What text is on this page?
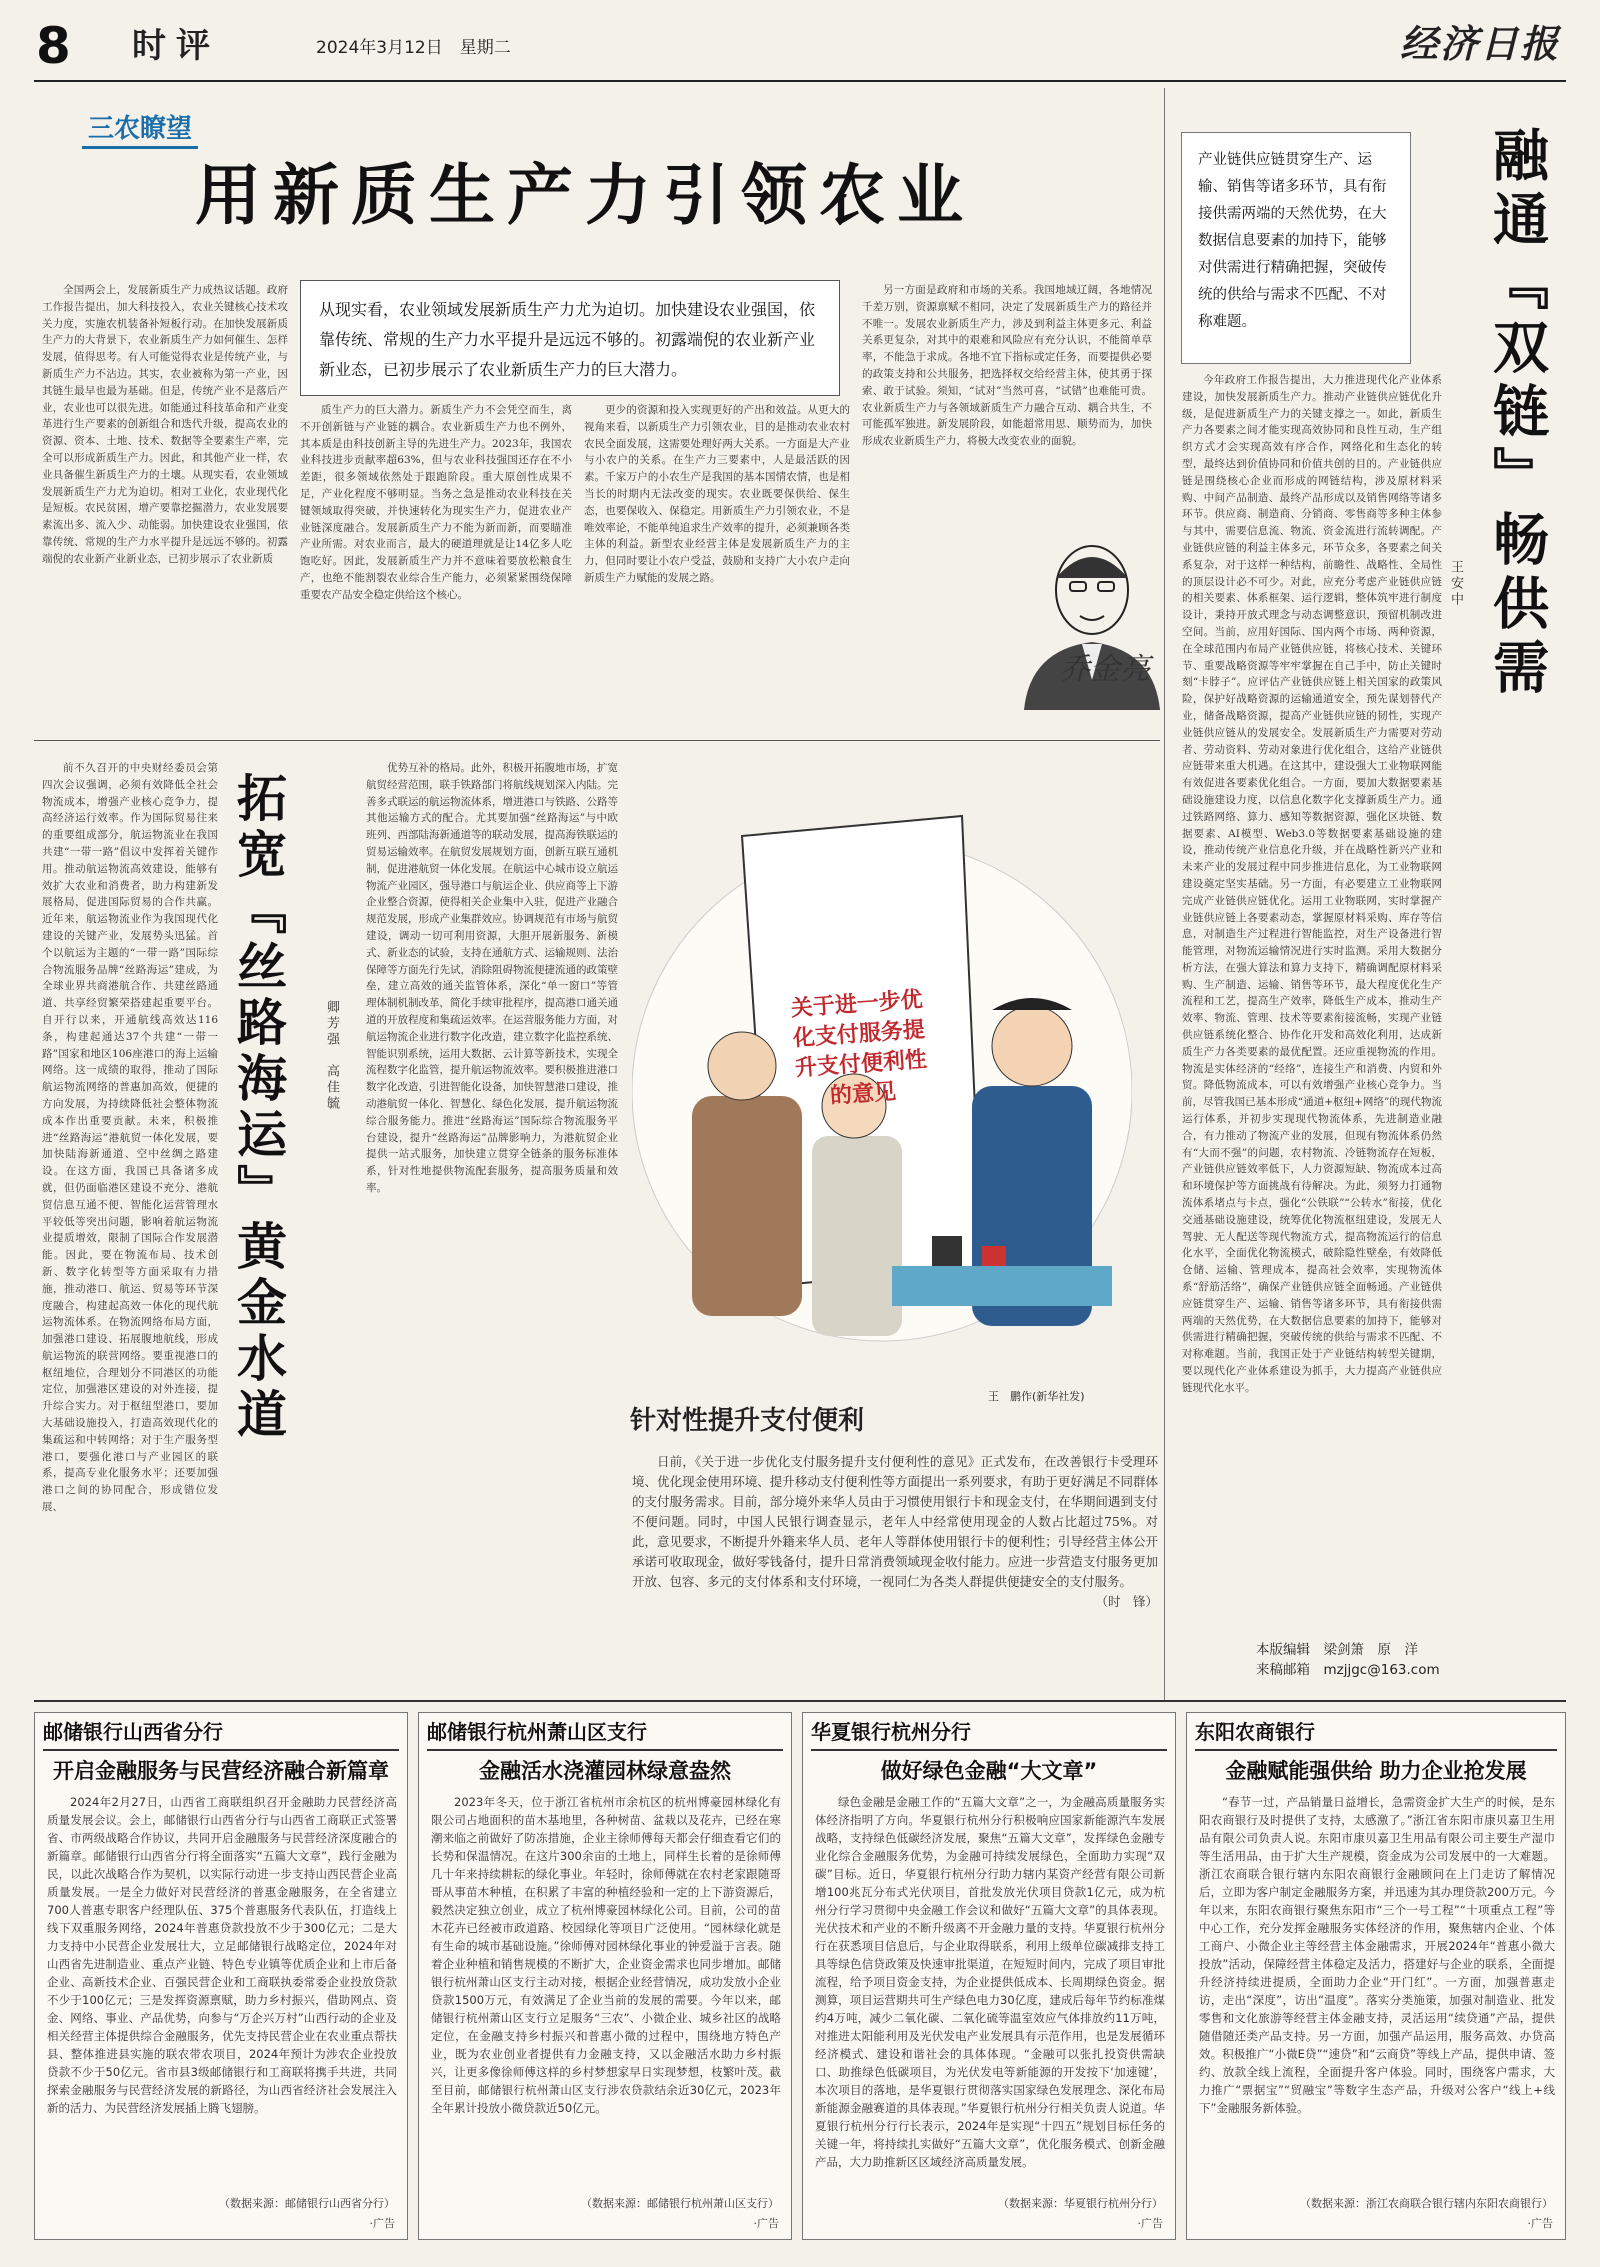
8 时评	2024年3月12日　星期二	经济日报
三农瞭望
用新质生产力引领农业
从现实看，农业领域发展新质生产力尤为迫切。加快建设农业强国，依靠传统、常规的生产力水平提升是远远不够的。初露端倪的农业新产业新业态，已初步展示了农业新质生产力的巨大潜力。

全国两会上，发展新质生产力成热议话题。政府工作报告提出，加大科技投入，农业关键核心技术攻关力度，实施农机装备补短板行动。在加快发展新质生产力的大背景下，农业新质生产力如何催生、怎样发展，值得思考。有人可能觉得农业是传统产业，与新质生产力不沾边。其实，农业被称为第一产业，因其链生最早也最为基础。但是，传统产业不是落后产业，农业也可以很先进。如能通过科技革命和产业变革进行生产要素的创新组合和迭代升级，提高农业的资源、资本、土地、技术、数据等全要素生产率，完全可以形成新质生产力。因此，和其他产业一样，农业具备催生新质生产力的土壤。从现实看，农业领域发展新质生产力尤为迫切。相对工业化，农业现代化是短板。农民贫困，增产要靠挖掘潜力，农业发展要素流出多、流入少、动能弱。加快建设农业强国，依靠传统、常规的生产力水平提升是远远不够的。初露端倪的农业新产业新业态，已初步展示了农业新质

质生产力的巨大潜力。新质生产力不会凭空而生，离不开创新链与产业链的耦合。农业新质生产力也不例外，其本质是由科技创新主导的先进生产力。2023年，我国农业科技进步贡献率超63%，但与农业科技强国还存在不小差距，很多领域依然处于跟跑阶段。重大原创性成果不足，产业化程度不够明显。当务之急是推动农业科技在关键领域取得突破，并快速转化为现实生产力，促进农业产业链深度融合。发展新质生产力不能为新而新，而要瞄准产业所需。对农业而言，最大的硬道理就是让14亿多人吃饱吃好。因此，发展新质生产力并不意味着要放松粮食生产，也绝不能割裂农业综合生产能力，必须紧紧围绕保障重要农产品安全稳定供给这个核心。

更少的资源和投入实现更好的产出和效益。从更大的视角来看，以新质生产力引领农业，目的是推动农业农村农民全面发展，这需要处理好两大关系。一方面是大产业与小农户的关系。在生产力三要素中，人是最活跃的因素。千家万户的小农生产是我国的基本国情农情，也是相当长的时期内无法改变的现实。农业既要保供给、保生态，也要保收入、保稳定。用新质生产力引领农业，不是唯效率论，不能单纯追求生产效率的提升，必须兼顾各类主体的利益。新型农业经营主体是发展新质生产力的主力，但同时要让小农户受益，鼓励和支持广大小农户走向新质生产力赋能的发展之路。

另一方面是政府和市场的关系。我国地域辽阔，各地情况千差万别，资源禀赋不相同，决定了发展新质生产力的路径并不唯一。发展农业新质生产力，涉及到利益主体更多元、利益关系更复杂，对其中的艰难和风险应有充分认识，不能简单草率，不能急于求成。各地不宜下指标或定任务，而要提供必要的政策支持和公共服务，把选择权交给经营主体，使其勇于探索、敢于试验。须知，“试对”当然可喜，“试错”也难能可贵。农业新质生产力与各领域新质生产力融合互动、耦合共生，不可能孤军独进。新发展阶段，如能超常用思、顺势而为，加快形成农业新质生产力，将极大改变农业的面貌。

乔金亮
产业链供应链贯穿生产、运输、销售等诸多环节，具有衔接供需两端的天然优势，在大数据信息要素的加持下，能够对供需进行精确把握，突破传统的供给与需求不匹配、不对称难题。	融通『双链』畅供需
王安中

今年政府工作报告提出，大力推进现代化产业体系建设，加快发展新质生产力。推动产业链供应链优化升级，是促进新质生产力的关键支撑之一。如此，新质生产力各要素之间才能实现高效协同和良性互动，生产组织方式才会实现高效有序合作，网络化和生态化的转型，最终达到价值协同和价值共创的目的。产业链供应链是围绕核心企业而形成的网链结构，涉及原材料采购、中间产品制造、最终产品形成以及销售网络等诸多环节。供应商、制造商、分销商、零售商等多种主体参与其中，需要信息流、物流、资金流进行流转调配。产业链供应链的利益主体多元，环节众多，各要素之间关系复杂，对于这样一种结构，前瞻性、战略性、全局性的顶层设计必不可少。对此，应充分考虑产业链供应链的相关要素、体系框架、运行逻辑，整体筑牢进行制度设计，秉持开放式理念与动态调整意识，预留机制改进空间。当前，应用好国际、国内两个市场、两种资源，在全球范围内布局产业链供应链，将核心技术、关键环节、重要战略资源等牢牢掌握在自己手中，防止关键时刻“卡脖子”。应评估产业链供应链上相关国家的政策风险，保护好战略资源的运输通道安全，预先谋划替代产业，储备战略资源，提高产业链供应链的韧性，实现产业链供应链从的发展安全。发展新质生产力需要对劳动者、劳动资料、劳动对象进行优化组合，这给产业链供应链带来重大机遇。在这其中，建设强大工业物联网能有效促进各要素优化组合。一方面，要加大数据要素基础设施建设力度，以信息化数字化支撑新质生产力。通过铁路网络、算力、感知等数据资源，强化区块链、数据要素、AI模型、Web3.0等数据要素基础设施的建设，推动传统产业信息化升级，并在战略性新兴产业和未来产业的发展过程中同步推进信息化，为工业物联网建设奠定坚实基础。另一方面，有必要建立工业物联网完成产业链供应链优化。运用工业物联网，实时掌握产业链供应链上各要素动态，掌握原材料采购、库存等信息，对制造生产过程进行智能监控，对生产设备进行智能管理，对物流运输情况进行实时监测。采用大数据分析方法，在强大算法和算力支持下，精确调配原材料采购、生产制造、运输、销售等环节，最大程度优化生产流程和工艺，提高生产效率，降低生产成本，推动生产效率、物流、管理、技术等要素衔接流畅，实现产业链供应链系统化整合、协作化开发和高效化利用，达成新质生产力各类要素的最优配置。还应重视物流的作用。物流是实体经济的“经络”，连接生产和消费、内贸和外贸。降低物流成本，可以有效增强产业核心竞争力。当前，尽管我国已基本形成“通道+枢纽+网络”的现代物流运行体系，并初步实现现代物流体系，先进制造业融合，有力推动了物流产业的发展，但现有物流体系仍然有“大而不强”的问题，农村物流、冷链物流存在短板，产业链供应链效率低下，人力资源短缺、物流成本过高和环境保护等方面挑战有待解决。为此，须努力打通物流体系堵点与卡点，强化“公铁联”“公转水”衔接，优化交通基础设施建设，统筹优化物流枢纽建设，发展无人驾驶、无人配送等现代物流方式，提高物流运行的信息化水平，全面优化物流模式，破除隐性壁垒，有效降低仓储、运输、管理成本，提高社会效率，实现物流体系“舒筋活络”，确保产业链供应链全面畅通。产业链供应链贯穿生产、运输、销售等诸多环节，具有衔接供需两端的天然优势，在大数据信息要素的加持下，能够对供需进行精确把握，突破传统的供给与需求不匹配、不对称难题。当前，我国正处于产业链结构转型关键期，要以现代化产业体系建设为抓手，大力提高产业链供应链现代化水平。

本版编辑　梁剑箫　原　洋
来稿邮箱　mzjjgc@163.com

前不久召开的中央财经委员会第四次会议强调，必须有效降低全社会物流成本，增强产业核心竞争力，提高经济运行效率。作为国际贸易往来的重要组成部分，航运物流业在我国共建“一带一路”倡议中发挥着关键作用。推动航运物流高效建设，能够有效扩大农业和消费者，助力构建新发展格局，促进国际贸易的合作共赢。近年来，航运物流业作为我国现代化建设的关键产业，发展势头迅猛。首个以航运为主题的“一带一路”国际综合物流服务品牌“丝路海运”建成，为全球业界共商港航合作、共建丝路通道、共享经贸繁荣搭建起重要平台。自开行以来，开通航线高效达116条，构建起通达37个共建“一带一路”国家和地区106座港口的海上运输网络。这一成绩的取得，推动了国际航运物流网络的普惠加高效，便捷的方向发展，为持续降低社会整体物流成本作出重要贡献。未来，积极推进“丝路海运”港航贸一体化发展，要加快陆海新通道、空中丝绸之路建设。在这方面，我国已具备诸多成就，但仍面临港区建设不充分、港航贸信息互通不便、智能化运营管理水平较低等突出问题，影响着航运物流业提质增效，限制了国际合作发展潜能。因此，要在物流布局、技术创新、数字化转型等方面采取有力措施，推动港口、航运、贸易等环节深度融合，构建起高效一体化的现代航运物流体系。在物流网络布局方面，加强港口建设、拓展腹地航线，形成航运物流的联营网络。要重视港口的枢纽地位，合理划分不同港区的功能定位，加强港区建设的对外连接，提升综合实力。对于枢纽型港口，要加大基础设施投入，打造高效现代化的集疏运和中转网络；对于生产服务型港口，要强化港口与产业园区的联系，提高专业化服务水平；还要加强港口之间的协同配合，形成错位发展、

拓宽『丝路海运』黄金水道	卿芳强　高佳毓

优势互补的格局。此外，积极开拓腹地市场，扩宽航贸经营范围，联手铁路部门将航线规划深入内陆。完善多式联运的航运物流体系，增进港口与铁路、公路等其他运输方式的配合。尤其要加强“丝路海运”与中欧班列、西部陆海新通道等的联动发展，提高海铁联运的贸易运输效率。在航贸发展规划方面，创新互联互通机制，促进港航贸一体化发展。在航运中心城市设立航运物流产业园区，强导港口与航运企业、供应商等上下游企业整合资源，使得相关企业集中入驻，促进产业融合规范发展，形成产业集群效应。协调规范有市场与航贸建设，调动一切可利用资源，大胆开展新服务、新模式、新业态的试验，支持在通航方式、运输规则、法治保障等方面先行先试，消除阻碍物流便捷流通的政策壁垒，建立高效的通关监管体系，深化“单一窗口”等管理体制机制改革，简化手续审批程序，提高港口通关通道的开放程度和集疏运效率。在运营服务能力方面，对航运物流企业进行数字化改造，建立数字化监控系统、智能识别系统，运用大数据、云计算等新技术，实现全流程数字化监管，提升航运物流效率。要积极推进港口数字化改造，引进智能化设备，加快智慧港口建设，推动港航贸一体化、智慧化、绿色化发展，提升航运物流综合服务能力。推进“丝路海运”国际综合物流服务平台建设，提升“丝路海运”品牌影响力，为港航贸企业提供一站式服务，加快建立贯穿全链条的服务标准体系，针对性地提供物流配套服务，提高服务质量和效率。

关于进一步优化支付服务提升支付便利性的意见
王　鹏作(新华社发)
针对性提升支付便利

日前，《关于进一步优化支付服务提升支付便利性的意见》正式发布，在改善银行卡受理环境、优化现金使用环境、提升移动支付便利性等方面提出一系列要求，有助于更好满足不同群体的支付服务需求。目前，部分境外来华人员由于习惯使用银行卡和现金支付，在华期间遇到支付不便问题。同时，中国人民银行调查显示，老年人中经常使用现金的人数占比超过75%。对此，意见要求，不断提升外籍来华人员、老年人等群体使用银行卡的便利性；引导经营主体公开承诺可收取现金，做好零钱备付，提升日常消费领域现金收付能力。应进一步营造支付服务更加开放、包容、多元的支付体系和支付环境，一视同仁为各类人群提供便捷安全的支付服务。

（时　锋）
邮储银行山西省分行
开启金融服务与民营经济融合新篇章

2024年2月27日，山西省工商联组织召开金融助力民营经济高质量发展会议。会上，邮储银行山西省分行与山西省工商联正式签署省、市两级战略合作协议，共同开启金融服务与民营经济深度融合的新篇章。邮储银行山西省分行将全面落实“五篇大文章”，践行金融为民，以此次战略合作为契机，以实际行动进一步支持山西民营企业高质量发展。一是全力做好对民营经济的普惠金融服务，在全省建立700人普惠专职客户经理队伍、375个普惠服务代表队伍，打造线上线下双重服务网络，2024年普惠贷款投放不少于300亿元；二是大力支持中小民营企业发展壮大，立足邮储银行战略定位，2024年对山西省先进制造业、重点产业链、特色专业镇等优质企业和上市后备企业、高新技术企业、百强民营企业和工商联执委常委企业投放贷款不少于100亿元；三是发挥资源禀赋，助力乡村振兴，借助网点、资金、网络、事业、产品优势，向参与“万企兴万村”山西行动的企业及相关经营主体提供综合金融服务，优先支持民营企业在农业重点帮扶县、整体推进县实施的联农带农项目，2024年预计为涉农企业投放贷款不少于50亿元。省市县3级邮储银行和工商联将携手共进，共同探索金融服务与民营经济发展的新路径，为山西省经济社会发展注入新的活力、为民营经济发展插上腾飞翅膀。

（数据来源：邮储银行山西省分行）
·广告
邮储银行杭州萧山区支行
金融活水浇灌园林绿意盎然

2023年冬天，位于浙江省杭州市余杭区的杭州博豪园林绿化有限公司占地面积的苗木基地里，各种树苗、盆栽以及花卉，已经在寒潮来临之前做好了防冻措施，企业主徐师傅每天都会仔细查看它们的长势和保温情况。在这片300余亩的土地上，同样生长着的是徐师傅几十年来持续耕耘的绿化事业。年轻时，徐师傅就在农村老家跟随哥哥从事苗木种植，在积累了丰富的种植经验和一定的上下游资源后，毅然决定独立创业，成立了杭州博豪园林绿化公司。目前，公司的苗木花卉已经被市政道路、校园绿化等项目广泛使用。“园林绿化就是有生命的城市基础设施。”徐师傅对园林绿化事业的钟爱溢于言表。随着企业种植和销售规模的不断扩大，企业资金需求也同步增加。邮储银行杭州萧山区支行主动对接，根据企业经营情况，成功发放小企业贷款1500万元，有效满足了企业当前的发展的需要。今年以来，邮储银行杭州萧山区支行立足服务“三农”、小微企业、城乡社区的战略定位，在金融支持乡村振兴和普惠小微的过程中，围绕地方特色产业，既为农业创业者提供有力金融支持，又以金融活水助力乡村振兴，让更多像徐师傅这样的乡村梦想家早日实现梦想，枝繁叶茂。截至目前，邮储银行杭州萧山区支行涉农贷款结余近30亿元，2023年全年累计投放小微贷款近50亿元。

（数据来源：邮储银行杭州萧山区支行）
·广告
华夏银行杭州分行
做好绿色金融“大文章”

绿色金融是金融工作的“五篇大文章”之一，为金融高质量服务实体经济指明了方向。华夏银行杭州分行积极响应国家新能源汽车发展战略，支持绿色低碳经济发展，聚焦“五篇大文章”，发挥绿色金融专业化综合金融服务优势，为金融可持续发展绿色，全面助力实现“双碳”目标。近日，华夏银行杭州分行助力辖内某资产经营有限公司新增100兆瓦分布式光伏项目，首批发放光伏项目贷款1亿元，成为杭州分行学习贯彻中央金融工作会议和做好“五篇大文章”的具体表现。光伏技术和产业的不断升级离不开金融力量的支持。华夏银行杭州分行在获悉项目信息后，与企业取得联系，利用上级单位碳减排支持工具等绿色信贷政策及快速审批渠道，在短短时间内，完成了项目审批流程，给予项目资金支持，为企业提供低成本、长周期绿色资金。据测算，项目运营期共可生产绿色电力30亿度，建成后每年节约标准煤约4万吨，减少二氧化碳、二氧化硫等温室效应气体排放约11万吨，对推进太阳能利用及光伏发电产业发展具有示范作用，也是发展循环经济模式、建设和谐社会的具体体现。“金融可以张扎投资供需缺口、助推绿色低碳项目，为光伏发电等新能源的开发按下‘加速键’，本次项目的落地，是华夏银行贯彻落实国家绿色发展理念、深化布局新能源金融赛道的具体表现。”华夏银行杭州分行相关负责人说道。华夏银行杭州分行行长表示，2024年是实现“十四五”规划目标任务的关键一年，将持续扎实做好“五篇大文章”，优化服务模式、创新金融产品，大力助推新区区域经济高质量发展。

（数据来源：华夏银行杭州分行）
·广告
东阳农商银行
金融赋能强供给 助力企业抢发展

“春节一过，产品销量日益增长，急需资金扩大生产的时候，是东阳农商银行及时提供了支持，太感激了。”浙江省东阳市康贝嘉卫生用品有限公司负责人说。东阳市康贝嘉卫生用品有限公司主要生产湿巾等生活用品，由于扩大生产规模，资金成为公司发展中的一大难题。浙江农商联合银行辖内东阳农商银行金融顾问在上门走访了解情况后，立即为客户制定金融服务方案，并迅速为其办理贷款200万元。今年以来，东阳农商银行聚焦东阳市“三个一号工程”“十项重点工程”等中心工作，充分发挥金融服务实体经济的作用，聚焦辖内企业、个体工商户、小微企业主等经营主体金融需求，开展2024年“普惠小微大投放”活动，保障经营主体稳定及活力，搭建好与企业的联系，全面提升经济持续进提质，全面助力企业“开门红”。一方面，加强普惠走访，走出“深度”，访出“温度”。落实分类施策，加强对制造业、批发零售和文化旅游等经营主体金融支持，灵活运用“续贷通”产品，提供随借随还类产品支持。另一方面，加强产品运用，服务高效、办贷高效。积极推广“小微E贷”“速贷”和“云商贷”等线上产品，提供申请、签约、放款全线上流程，全面提升客户体验。同时，围绕客户需求，大力推广“票据宝”“贸融宝”等数字生态产品，升级对公客户“线上+线下”金融服务新体验。

（数据来源：浙江农商联合银行辖内东阳农商银行）
·广告
